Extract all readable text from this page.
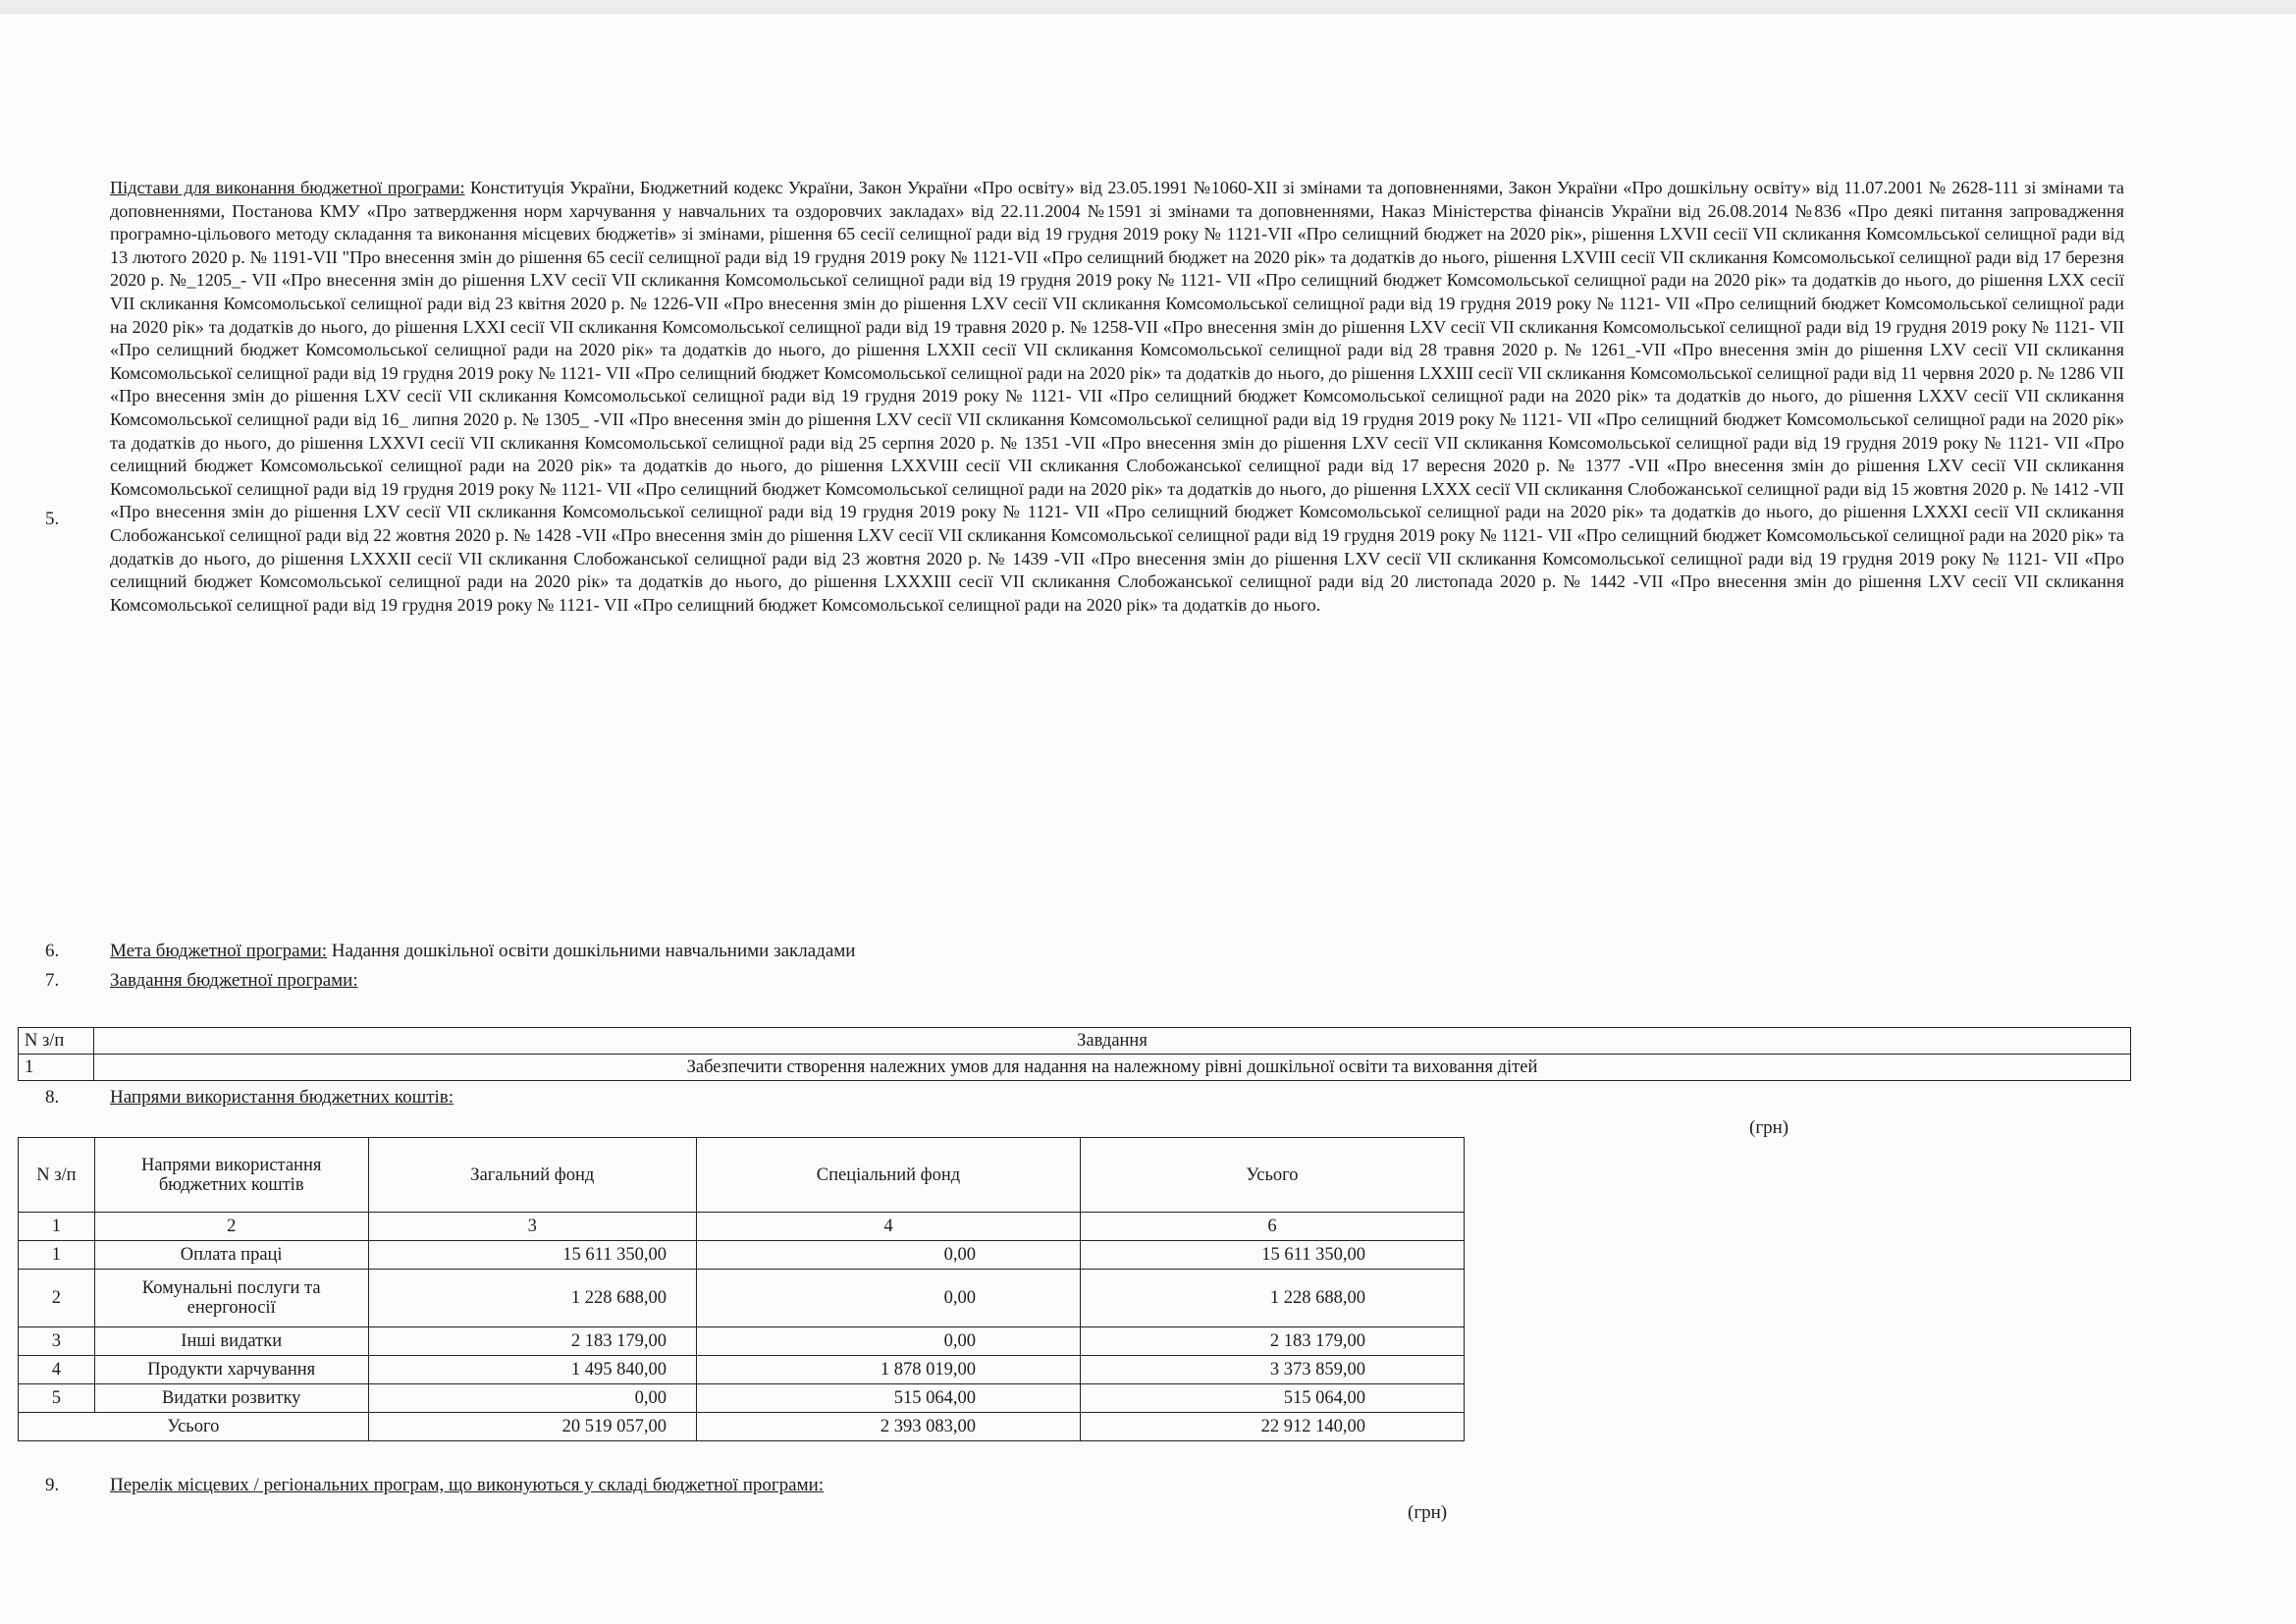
5.
Підстави для виконання бюджетної програми: Конституція України, Бюджетний кодекс України, Закон України «Про освіту» від 23.05.1991 №1060-XII зі змінами та доповненнями, Закон України «Про дошкільну освіту» від 11.07.2001 № 2628-111 зі змінами та доповненнями, Постанова КМУ «Про затвердження норм харчування у навчальних та оздоровчих закладах» від 22.11.2004 №1591 зі змінами та доповненнями, Наказ Міністерства фінансів України від 26.08.2014 №836 «Про деякі питання запровадження програмно-цільового методу складання та виконання місцевих бюджетів» зі змінами, рішення 65 сесії селищної ради від 19 грудня 2019 року № 1121-VII «Про селищний бюджет на 2020 рік», рішення LXVII сесії VII скликання Комсомльської селищної ради від 13 лютого 2020 р. № 1191-VII "Про внесення змін до рішення 65 сесії селищної ради від 19 грудня 2019 року № 1121-VII «Про селищний бюджет на 2020 рік» та додатків до нього, рішення LXVIII сесії VII скликання Комсомольської селищної ради від 17 березня 2020 р. №_1205_- VII «Про внесення змін до рішення LXV сесії VII скликання Комсомольської селищної ради від 19 грудня 2019 року № 1121- VII «Про селищний бюджет Комсомольської селищної ради на 2020 рік» та додатків до нього, до рішення LXX сесії VII скликання Комсомольської селищної ради від 23 квітня 2020 р. № 1226-VII «Про внесення змін до рішення LXV сесії VII скликання Комсомольської селищної ради від 19 грудня 2019 року № 1121- VII «Про селищний бюджет Комсомольської селищної ради на 2020 рік» та додатків до нього, до рішення LXXI сесії VII скликання Комсомольської селищної ради від 19 травня 2020 р. № 1258-VII «Про внесення змін до рішення LXV сесії VII скликання Комсомольської селищної ради від 19 грудня 2019 року № 1121- VII «Про селищний бюджет Комсомольської селищної ради на 2020 рік» та додатків до нього, до рішення LXXII сесії VII скликання Комсомольської селищної ради від 28 травня 2020 р. № 1261_-VII «Про внесення змін до рішення LXV сесії VII скликання Комсомольської селищної ради від 19 грудня 2019 року № 1121- VII «Про селищний бюджет Комсомольської селищної ради на 2020 рік» та додатків до нього, до рішення LXXIII сесії VII скликання Комсомольської селищної ради від 11 червня 2020 р. № 1286 VII «Про внесення змін до рішення LXV сесії VII скликання Комсомольської селищної ради від 19 грудня 2019 року № 1121- VII «Про селищний бюджет Комсомольської селищної ради на 2020 рік» та додатків до нього, до рішення LXXV сесії VII скликання Комсомольської селищної ради від 16_ липня 2020 р. № 1305_ -VII «Про внесення змін до рішення LXV сесії VII скликання Комсомольської селищної ради від 19 грудня 2019 року № 1121- VII «Про селищний бюджет Комсомольської селищної ради на 2020 рік» та додатків до нього, до рішення LXXVI сесії VII скликання Комсомольської селищної ради від 25 серпня 2020 р. № 1351 -VII «Про внесення змін до рішення LXV сесії VII скликання Комсомольської селищної ради від 19 грудня 2019 року № 1121- VII «Про селищний бюджет Комсомольської селищної ради на 2020 рік» та додатків до нього, до рішення LXXVIII сесії VII скликання Слобожанської селищної ради від 17 вересня 2020 р. № 1377 -VII «Про внесення змін до рішення LXV сесії VII скликання Комсомольської селищної ради від 19 грудня 2019 року № 1121- VII «Про селищний бюджет Комсомольської селищної ради на 2020 рік» та додатків до нього, до рішення LXXX сесії VII скликання Слобожанської селищної ради від 15 жовтня 2020 р. № 1412 -VII «Про внесення змін до рішення LXV сесії VII скликання Комсомольської селищної ради від 19 грудня 2019 року № 1121- VII «Про селищний бюджет Комсомольської селищної ради на 2020 рік» та додатків до нього, до рішення LXXXI сесії VII скликання Слобожанської селищної ради від 22 жовтня 2020 р. № 1428 -VII «Про внесення змін до рішення LXV сесії VII скликання Комсомольської селищної ради від 19 грудня 2019 року № 1121- VII «Про селищний бюджет Комсомольської селищної ради на 2020 рік» та додатків до нього, до рішення LXXXII сесії VII скликання Слобожанської селищної ради від 23 жовтня 2020 р. № 1439 -VII «Про внесення змін до рішення LXV сесії VII скликання Комсомольської селищної ради від 19 грудня 2019 року № 1121- VII «Про селищний бюджет Комсомольської селищної ради на 2020 рік» та додатків до нього, до рішення LXXXIII сесії VII скликання Слобожанської селищної ради від 20 листопада 2020 р. № 1442 -VII «Про внесення змін до рішення LXV сесії VII скликання Комсомольської селищної ради від 19 грудня 2019 року № 1121- VII «Про селищний бюджет Комсомольської селищної ради на 2020 рік» та додатків до нього.
6.	Мета бюджетної програми: Надання дошкільної освіти дошкільними навчальними закладами
7.	Завдання бюджетної програми:
N з/п	Завдання
1	Забезпечити створення належних умов для надання на належному рівні дошкільної освіти та виховання дітей
8.	Напрями використання бюджетних коштів:
(грн)
N з/п	Напрями використання бюджетних коштів	Загальний фонд	Спеціальний фонд	Усього
1	2	3	4	6
1	Оплата праці	15 611 350,00	0,00	15 611 350,00
2	Комунальні послуги та енергоносії	1 228 688,00	0,00	1 228 688,00
3	Інші видатки	2 183 179,00	0,00	2 183 179,00
4	Продукти харчування	1 495 840,00	1 878 019,00	3 373 859,00
5	Видатки розвитку	0,00	515 064,00	515 064,00
Усього		20 519 057,00	2 393 083,00	22 912 140,00
9.	Перелік місцевих / регіональних програм, що виконуються у складі бюджетної програми:
(грн)
